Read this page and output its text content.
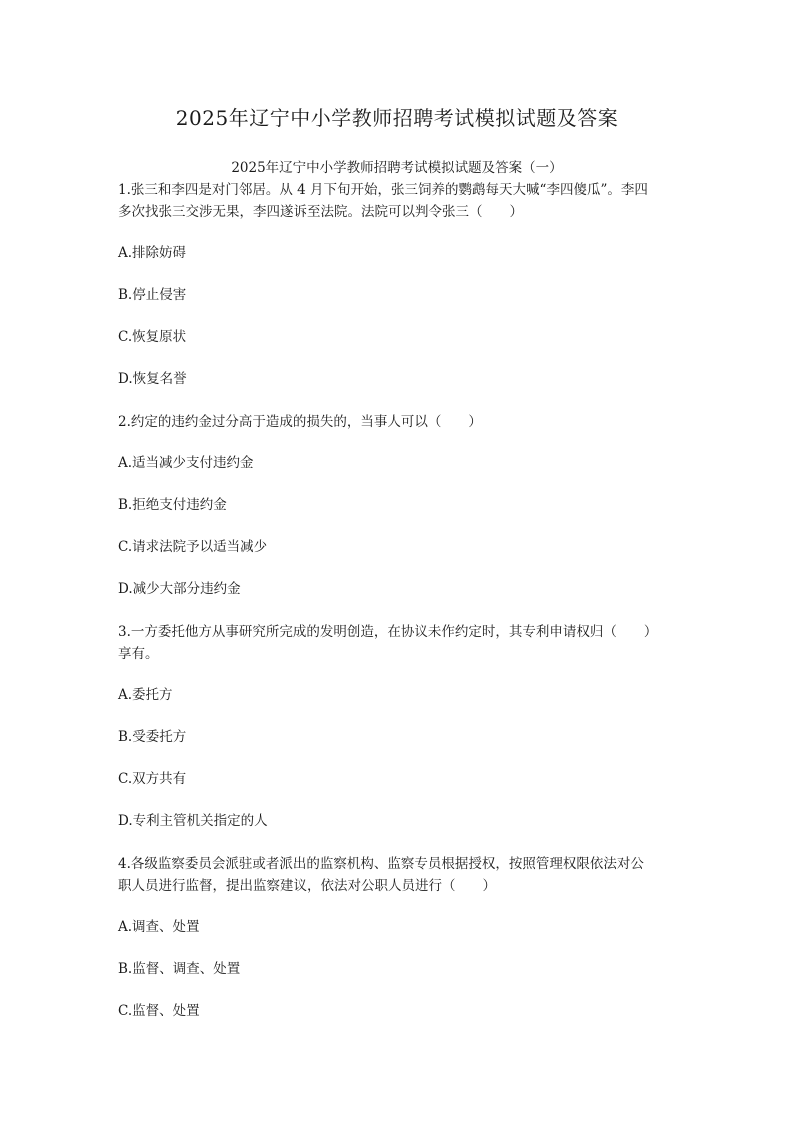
2025年辽宁中小学教师招聘考试模拟试题及答案
2025年辽宁中小学教师招聘考试模拟试题及答案（一）

1.张三和李四是对门邻居。从 4 月下旬开始，张三饲养的鹦鹉每天大喊“李四傻瓜”。李四

多次找张三交涉无果，李四遂诉至法院。法院可以判令张三（　　）

A.排除妨碍

B.停止侵害

C.恢复原状

D.恢复名誉

2.约定的违约金过分高于造成的损失的，当事人可以（　　）

A.适当减少支付违约金

B.拒绝支付违约金

C.请求法院予以适当减少

D.减少大部分违约金

3.一方委托他方从事研究所完成的发明创造，在协议未作约定时，其专利申请权归（　　）

享有。

A.委托方

B.受委托方

C.双方共有

D.专利主管机关指定的人

4.各级监察委员会派驻或者派出的监察机构、监察专员根据授权，按照管理权限依法对公

职人员进行监督，提出监察建议，依法对公职人员进行（　　）

A.调查、处置

B.监督、调查、处置

C.监督、处置
